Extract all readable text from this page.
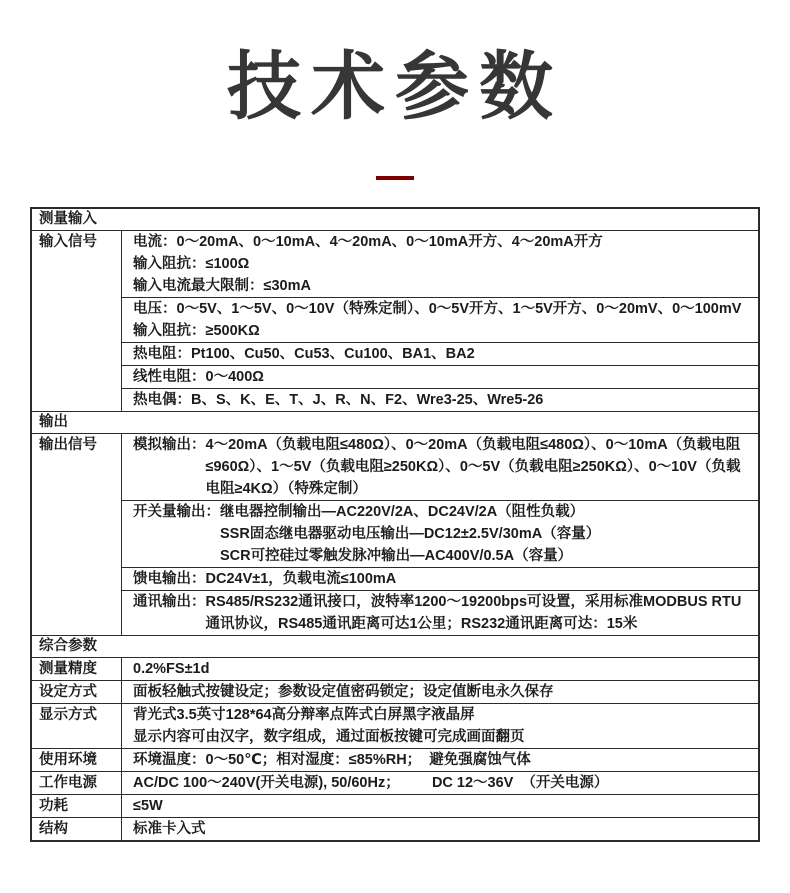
技术参数
测量输入
输入信号	电流： 0～20mA、0～10mA、4～20mA、0～10mA开方、4～20mA开方
输入阻抗： ≤100Ω
输入电流最大限制： ≤30mA
电压： 0～5V、1～5V、0～10V（特殊定制）、0～5V开方、1～5V开方、0～20mV、0～100mV
输入阻抗： ≥500KΩ
热电阻： Pt100、Cu50、Cu53、Cu100、BA1、BA2
线性电阻： 0～400Ω
热电偶： B、S、K、E、T、J、R、N、F2、Wre3-25、Wre5-26
输出
输出信号	模拟输出： 4～20mA（负载电阻≤480Ω）、0～20mA（负载电阻≤480Ω）、0～10mA（负载电阻≤960Ω）、1～5V（负载电阻≥250KΩ）、0～5V（负载电阻≥250KΩ）、0～10V（负载电阻≥4KΩ）（特殊定制）
开关量输出： 继电器控制输出—AC220V/2A、DC24V/2A（阻性负载）
SSR固态继电器驱动电压输出—DC12±2.5V/30mA（容量）
SCR可控硅过零触发脉冲输出—AC400V/0.5A（容量）
馈电输出： DC24V±1，负载电流≤100mA
通讯输出： RS485/RS232通讯接口，波特率1200～19200bps可设置，采用标准MODBUS RTU通讯协议，RS485通讯距离可达1公里；RS232通讯距离可达：15米
综合参数
测量精度	0.2%FS±1d
设定方式	面板轻触式按键设定；参数设定值密码锁定；设定值断电永久保存
显示方式	背光式3.5英寸128*64高分辩率点阵式白屏黑字液晶屏
显示内容可由汉字，数字组成，通过面板按键可完成画面翻页
使用环境	环境温度：0～50℃；相对湿度：≤85%RH；  避免强腐蚀气体
工作电源	AC/DC 100～240V(开关电源), 50/60Hz；        DC 12～36V  （开关电源）
功耗	≤5W
结构	标准卡入式
